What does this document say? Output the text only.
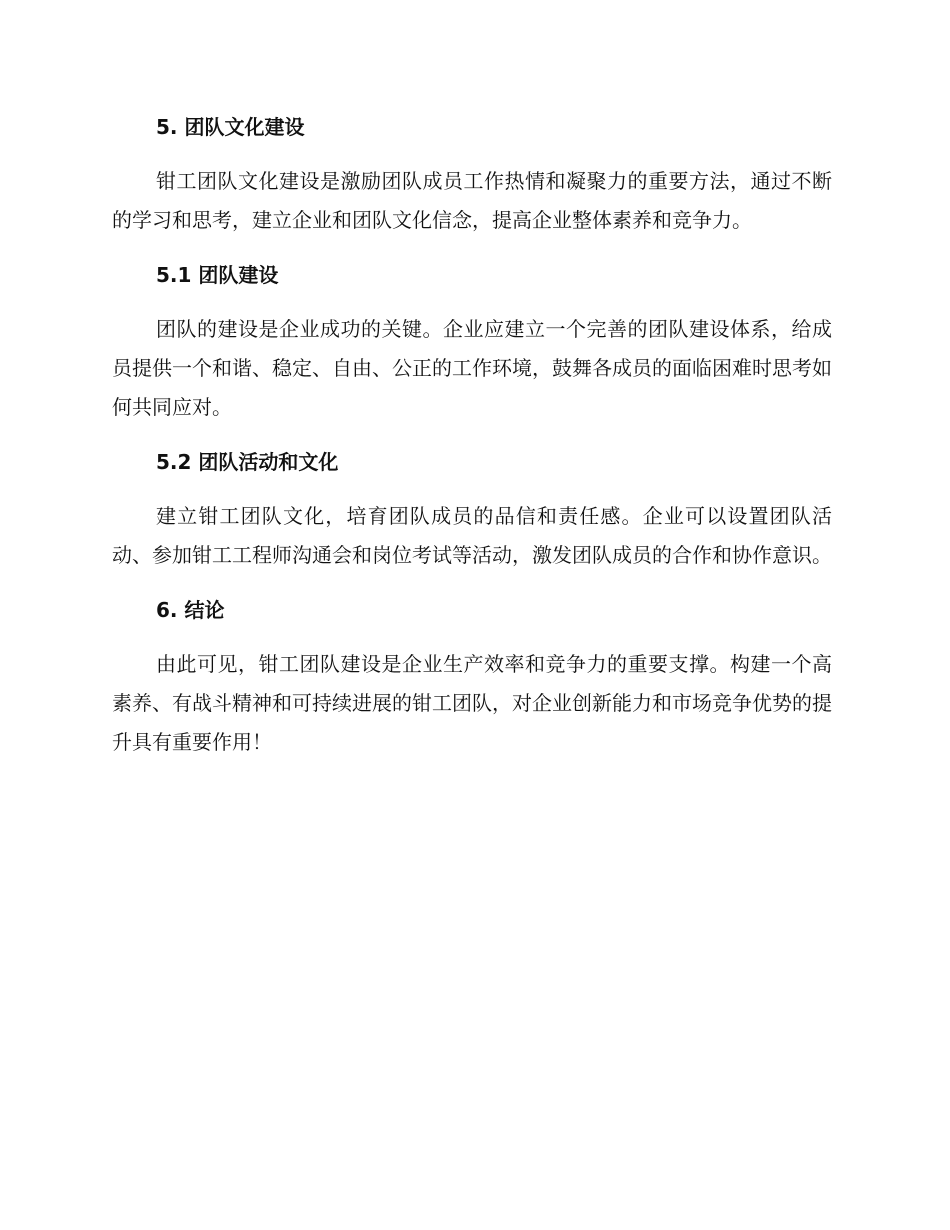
5. 团队文化建设

钳工团队文化建设是激励团队成员工作热情和凝聚力的重要方法，通过不断的学习和思考，建立企业和团队文化信念，提高企业整体素养和竞争力。

5.1 团队建设

团队的建设是企业成功的关键。企业应建立一个完善的团队建设体系，给成员提供一个和谐、稳定、自由、公正的工作环境，鼓舞各成员的面临困难时思考如何共同应对。

5.2 团队活动和文化

建立钳工团队文化，培育团队成员的品信和责任感。企业可以设置团队活动、参加钳工工程师沟通会和岗位考试等活动，激发团队成员的合作和协作意识。

6. 结论

由此可见，钳工团队建设是企业生产效率和竞争力的重要支撑。构建一个高素养、有战斗精神和可持续进展的钳工团队，对企业创新能力和市场竞争优势的提升具有重要作用！
